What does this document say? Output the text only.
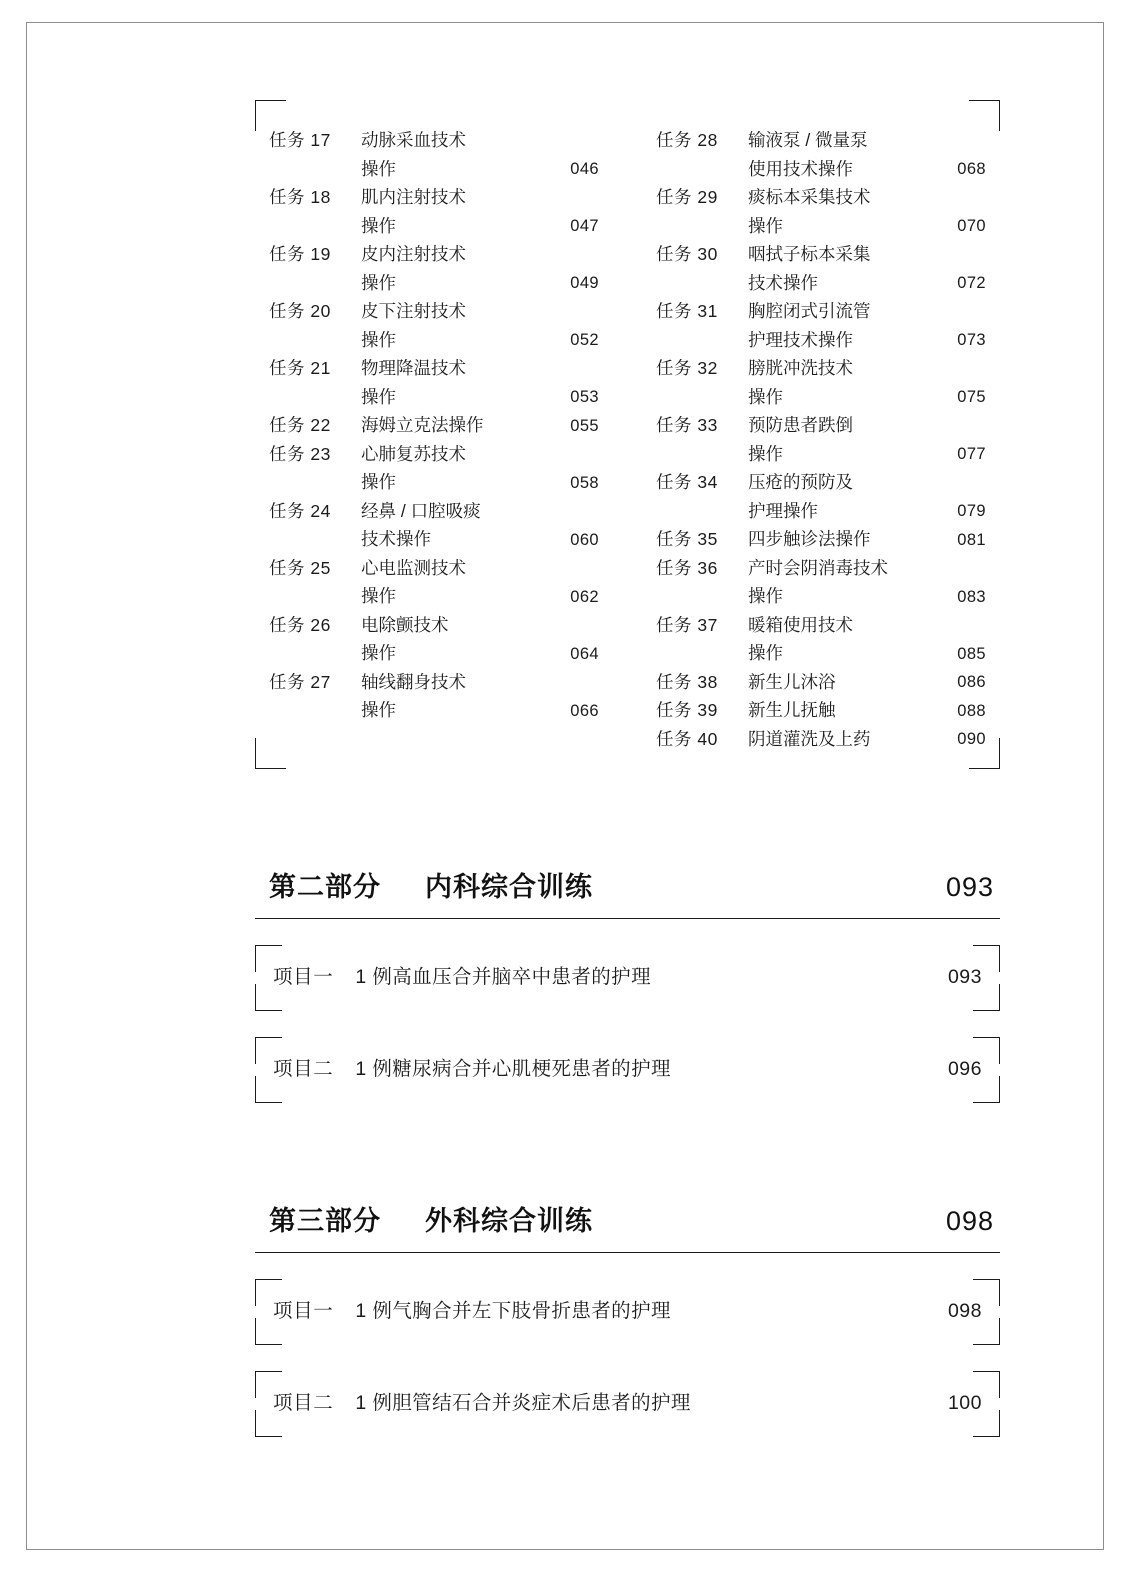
任务 17	动脉采血技术
操作	046
任务 18	肌内注射技术
操作	047
任务 19	皮内注射技术
操作	049
任务 20	皮下注射技术
操作	052
任务 21	物理降温技术
操作	053
任务 22	海姆立克法操作	055
任务 23	心肺复苏技术
操作	058
任务 24	经鼻 / 口腔吸痰
技术操作	060
任务 25	心电监测技术
操作	062
任务 26	电除颤技术
操作	064
任务 27	轴线翻身技术
操作	066
任务 28	输液泵 / 微量泵
使用技术操作	068
任务 29	痰标本采集技术
操作	070
任务 30	咽拭子标本采集
技术操作	072
任务 31	胸腔闭式引流管
护理技术操作	073
任务 32	膀胱冲洗技术
操作	075
任务 33	预防患者跌倒
操作	077
任务 34	压疮的预防及
护理操作	079
任务 35	四步触诊法操作	081
任务 36	产时会阴消毒技术
操作	083
任务 37	暖箱使用技术
操作	085
任务 38	新生儿沐浴	086
任务 39	新生儿抚触	088
任务 40	阴道灌洗及上药	090
第二部分 内科综合训练	093
项目一 1 例高血压合并脑卒中患者的护理	093
项目二 1 例糖尿病合并心肌梗死患者的护理	096
第三部分 外科综合训练	098
项目一 1 例气胸合并左下肢骨折患者的护理	098
项目二 1 例胆管结石合并炎症术后患者的护理	100
